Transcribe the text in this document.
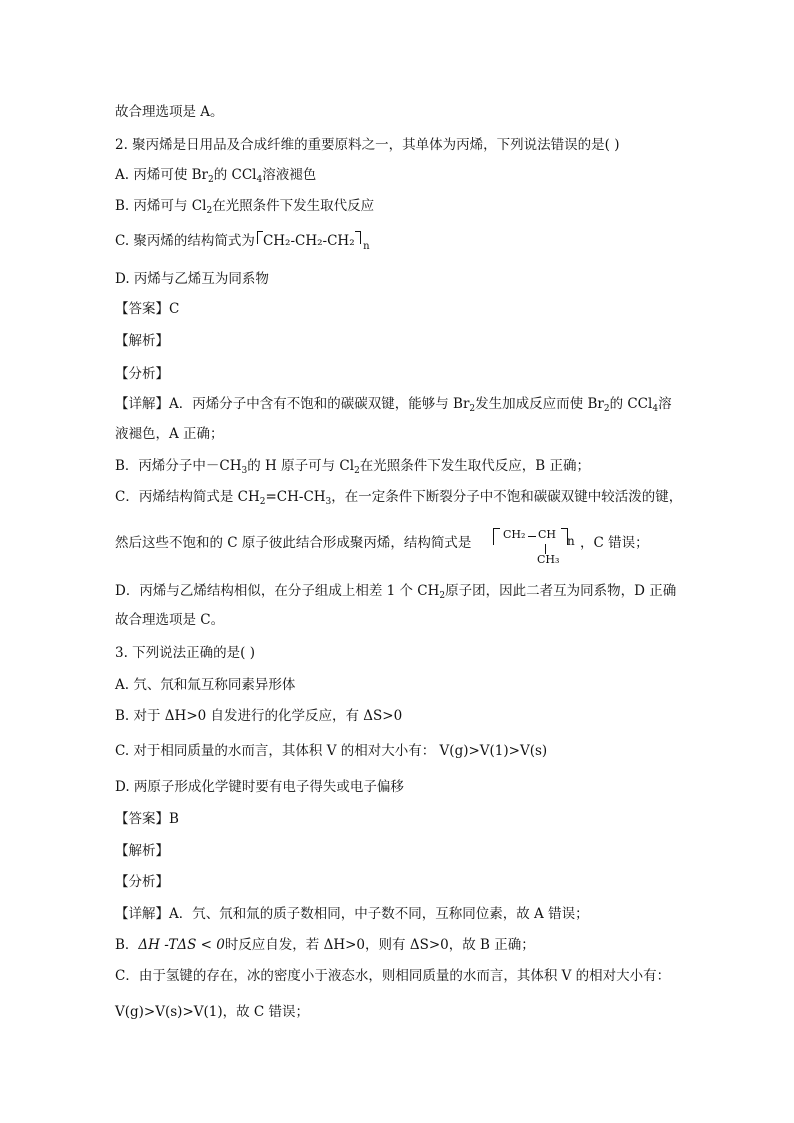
故合理选项是 A。
2. 聚丙烯是日用品及合成纤维的重要原料之一，其单体为丙烯，下列说法错误的是( )
A. 丙烯可使 $Br_2$的 CCl$_4$溶液褪色
B. 丙烯可与 $Cl_2$在光照条件下发生取代反应
C. 聚丙烯的结构简式为 CH₂-CH₂-CH₂ n
D. 丙烯与乙烯互为同系物
【答案】C
【解析】
【分析】
【详解】A．丙烯分子中含有不饱和的碳碳双键，能够与 $Br_2$发生加成反应而使 $Br_2$的 CCl$_4$溶
液褪色，A 正确；
B．丙烯分子中$-CH_3$的 H 原子可与 $Cl_2$在光照条件下发生取代反应，B 正确；
C．丙烯结构简式是 $CH_2=CH-CH_3$，在一定条件下断裂分子中不饱和碳碳双键中较活泼的键，
然后这些不饱和的 C 原子彼此结合形成聚丙烯，结构简式是
CH₂ CH
CH₃
n ，C 错误；
D．丙烯与乙烯结构相似，在分子组成上相差 1 个 $CH_2$原子团，因此二者互为同系物，D 正确
故合理选项是 C。
3. 下列说法正确的是( )
A. 氕、氘和氚互称同素异形体
B. 对于 ΔH>0 自发进行的化学反应，有 ΔS>0
C. 对于相同质量的水而言，其体积 V 的相对大小有： V(g)>V(1)>V(s)
D. 两原子形成化学键时要有电子得失或电子偏移
【答案】B
【解析】
【分析】
【详解】A．氕、氘和氚的质子数相同，中子数不同，互称同位素，故 A 错误；
B．ΔH -TΔS < 0时反应自发，若 ΔH>0，则有 ΔS>0，故 B 正确；
C．由于氢键的存在，冰的密度小于液态水，则相同质量的水而言，其体积 V 的相对大小有：
V(g)>V(s)>V(1)，故 C 错误；
